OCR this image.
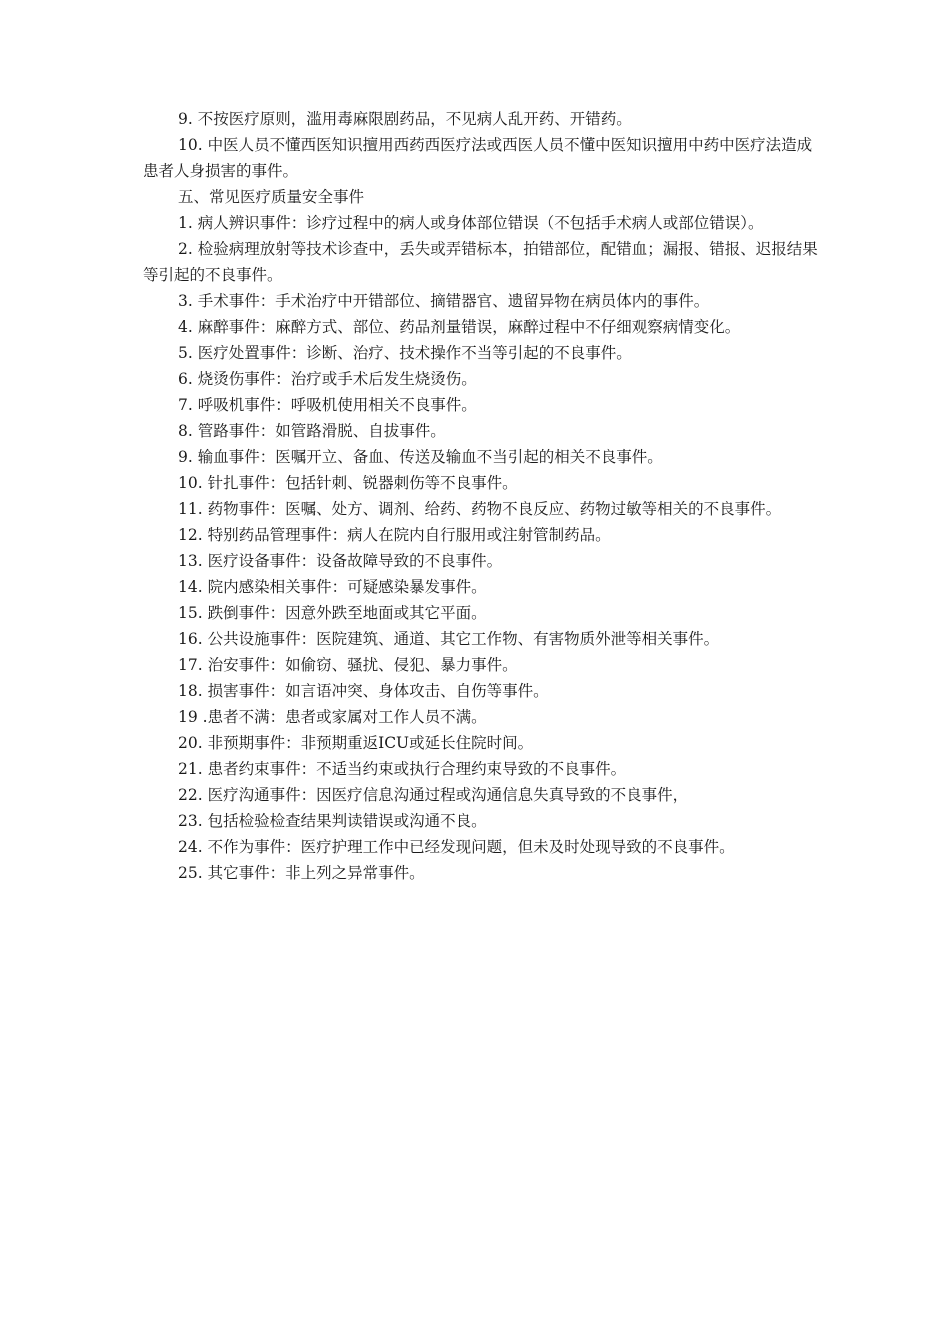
9. 不按医疗原则，滥用毒麻限剧药品，不见病人乱开药、开错药。

10. 中医人员不懂西医知识擅用西药西医疗法或西医人员不懂中医知识擅用中药中医疗法造成患者人身损害的事件。

五、常见医疗质量安全事件

1. 病人辨识事件：诊疗过程中的病人或身体部位错误（不包括手术病人或部位错误）。

2. 检验病理放射等技术诊查中，丢失或弄错标本，拍错部位，配错血；漏报、错报、迟报结果等引起的不良事件。

3. 手术事件：手术治疗中开错部位、摘错器官、遗留异物在病员体内的事件。

4. 麻醉事件：麻醉方式、部位、药品剂量错误，麻醉过程中不仔细观察病情变化。

5. 医疗处置事件：诊断、治疗、技术操作不当等引起的不良事件。

6. 烧烫伤事件：治疗或手术后发生烧烫伤。

7. 呼吸机事件：呼吸机使用相关不良事件。

8. 管路事件：如管路滑脱、自拔事件。

9. 输血事件：医嘱开立、备血、传送及输血不当引起的相关不良事件。

10. 针扎事件：包括针刺、锐器刺伤等不良事件。

11. 药物事件：医嘱、处方、调剂、给药、药物不良反应、药物过敏等相关的不良事件。

12. 特别药品管理事件：病人在院内自行服用或注射管制药品。

13. 医疗设备事件：设备故障导致的不良事件。

14. 院内感染相关事件：可疑感染暴发事件。

15. 跌倒事件：因意外跌至地面或其它平面。

16. 公共设施事件：医院建筑、通道、其它工作物、有害物质外泄等相关事件。

17. 治安事件：如偷窃、骚扰、侵犯、暴力事件。

18. 损害事件：如言语冲突、身体攻击、自伤等事件。

19 .患者不满：患者或家属对工作人员不满。

20. 非预期事件：非预期重返ICU或延长住院时间。

21. 患者约束事件：不适当约束或执行合理约束导致的不良事件。

22. 医疗沟通事件：因医疗信息沟通过程或沟通信息失真导致的不良事件，

23. 包括检验检查结果判读错误或沟通不良。

24. 不作为事件：医疗护理工作中已经发现问题，但未及时处现导致的不良事件。

25. 其它事件：非上列之异常事件。
